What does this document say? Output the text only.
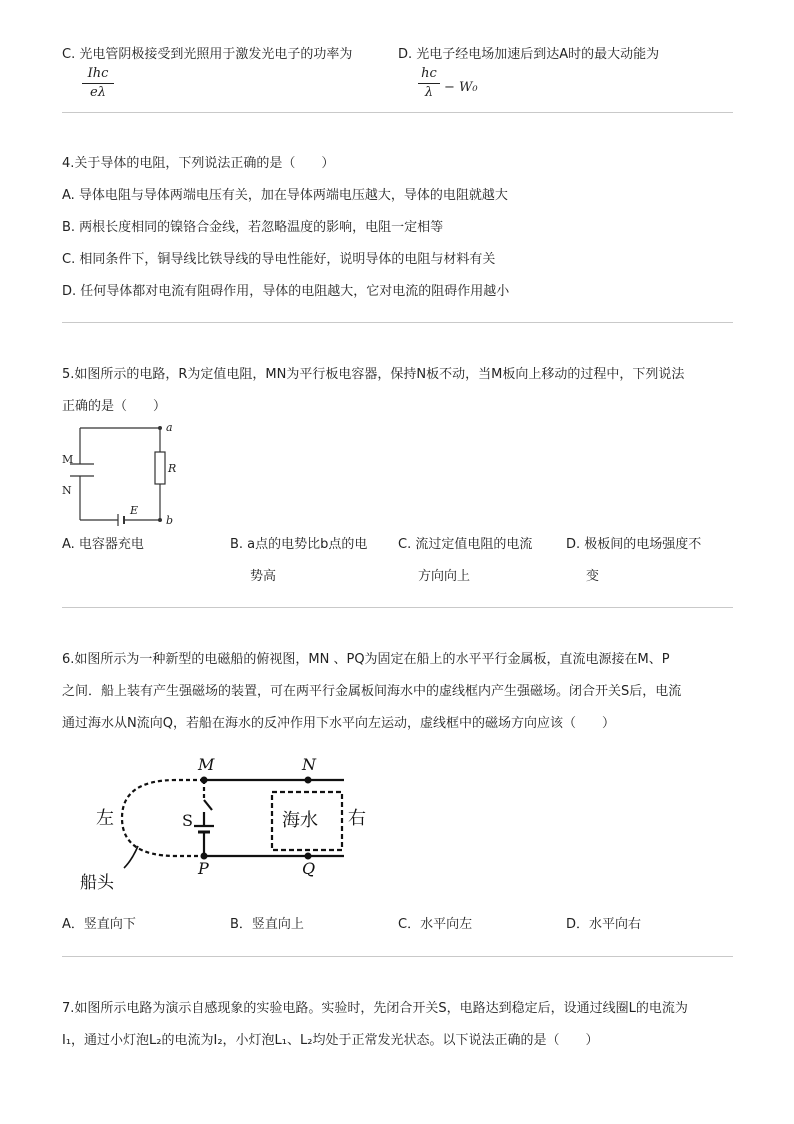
C. 光电管阴极接受到光照用于激发光电子的功率为
Ihc
eλ
D. 光电子经电场加速后到达A时的最大动能为
hc
λ − W₀
4.关于导体的电阻，下列说法正确的是（　　）
A. 导体电阻与导体两端电压有关，加在导体两端电压越大，导体的电阻就越大
B. 两根长度相同的镍铬合金线，若忽略温度的影响，电阻一定相等
C. 相同条件下，铜导线比铁导线的导电性能好，说明导体的电阻与材料有关
D. 任何导体都对电流有阻碍作用，导体的电阻越大，它对电流的阻碍作用越小
5.如图所示的电路，R为定值电阻，MN为平行板电容器，保持N板不动，当M板向上移动的过程中，下列说法
正确的是（　　）
a
b
R
M
N
E
A. 电容器充电	B. a点的电势比b点的电
势高
C. 流过定值电阻的电流
方向向上
D. 极板间的电场强度不
变
6.如图所示为一种新型的电磁船的俯视图，MN 、PQ为固定在船上的水平平行金属板，直流电源接在M、P
之间．船上装有产生强磁场的装置，可在两平行金属板间海水中的虚线框内产生强磁场。闭合开关S后，电流
通过海水从N流向Q，若船在海水的反冲作用下水平向左运动，虚线框中的磁场方向应该（　　）
M	N
P	Q
S
左	右
海水
船头
A．竖直向下	B．竖直向上	C．水平向左	D．水平向右
7.如图所示电路为演示自感现象的实验电路。实验时，先闭合开关S，电路达到稳定后，设通过线圈L的电流为
I₁，通过小灯泡L₂的电流为I₂，小灯泡L₁、L₂均处于正常发光状态。以下说法正确的是（　　）
